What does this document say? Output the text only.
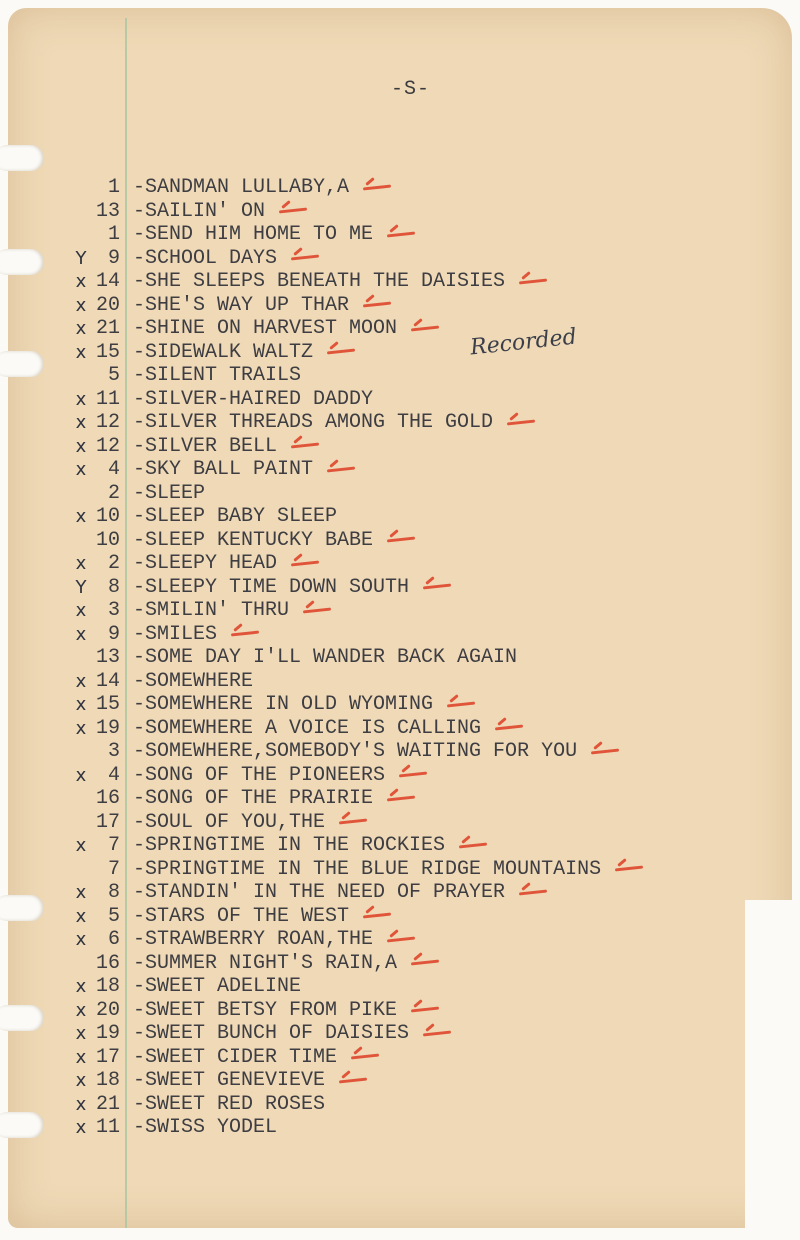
-S-
Recorded
1 -SANDMAN LULLABY,A
13 -SAILIN' ON
1 -SEND HIM HOME TO ME
Y	9 -SCHOOL DAYS
x 14 -SHE SLEEPS BENEATH THE DAISIES
x 20 -SHE'S WAY UP THAR
x 21 -SHINE ON HARVEST MOON
x 15 -SIDEWALK WALTZ
5 -SILENT TRAILS
x 11 -SILVER-HAIRED DADDY
x 12 -SILVER THREADS AMONG THE GOLD
x 12 -SILVER BELL
x	4 -SKY BALL PAINT
2 -SLEEP
x 10 -SLEEP BABY SLEEP
10 -SLEEP KENTUCKY BABE
x	2 -SLEEPY HEAD
Y	8 -SLEEPY TIME DOWN SOUTH
x	3 -SMILIN' THRU
x	9 -SMILES
13 -SOME DAY I'LL WANDER BACK AGAIN
x 14 -SOMEWHERE
x 15 -SOMEWHERE IN OLD WYOMING
x 19 -SOMEWHERE A VOICE IS CALLING
3 -SOMEWHERE,SOMEBODY'S WAITING FOR YOU
x	4 -SONG OF THE PIONEERS
16 -SONG OF THE PRAIRIE
17 -SOUL OF YOU,THE
x	7 -SPRINGTIME IN THE ROCKIES
7 -SPRINGTIME IN THE BLUE RIDGE MOUNTAINS
x	8 -STANDIN' IN THE NEED OF PRAYER
x	5 -STARS OF THE WEST
x	6 -STRAWBERRY ROAN,THE
16 -SUMMER NIGHT'S RAIN,A
x 18 -SWEET ADELINE
x 20 -SWEET BETSY FROM PIKE
x 19 -SWEET BUNCH OF DAISIES
x 17 -SWEET CIDER TIME
x 18 -SWEET GENEVIEVE
x 21 -SWEET RED ROSES
x 11 -SWISS YODEL
